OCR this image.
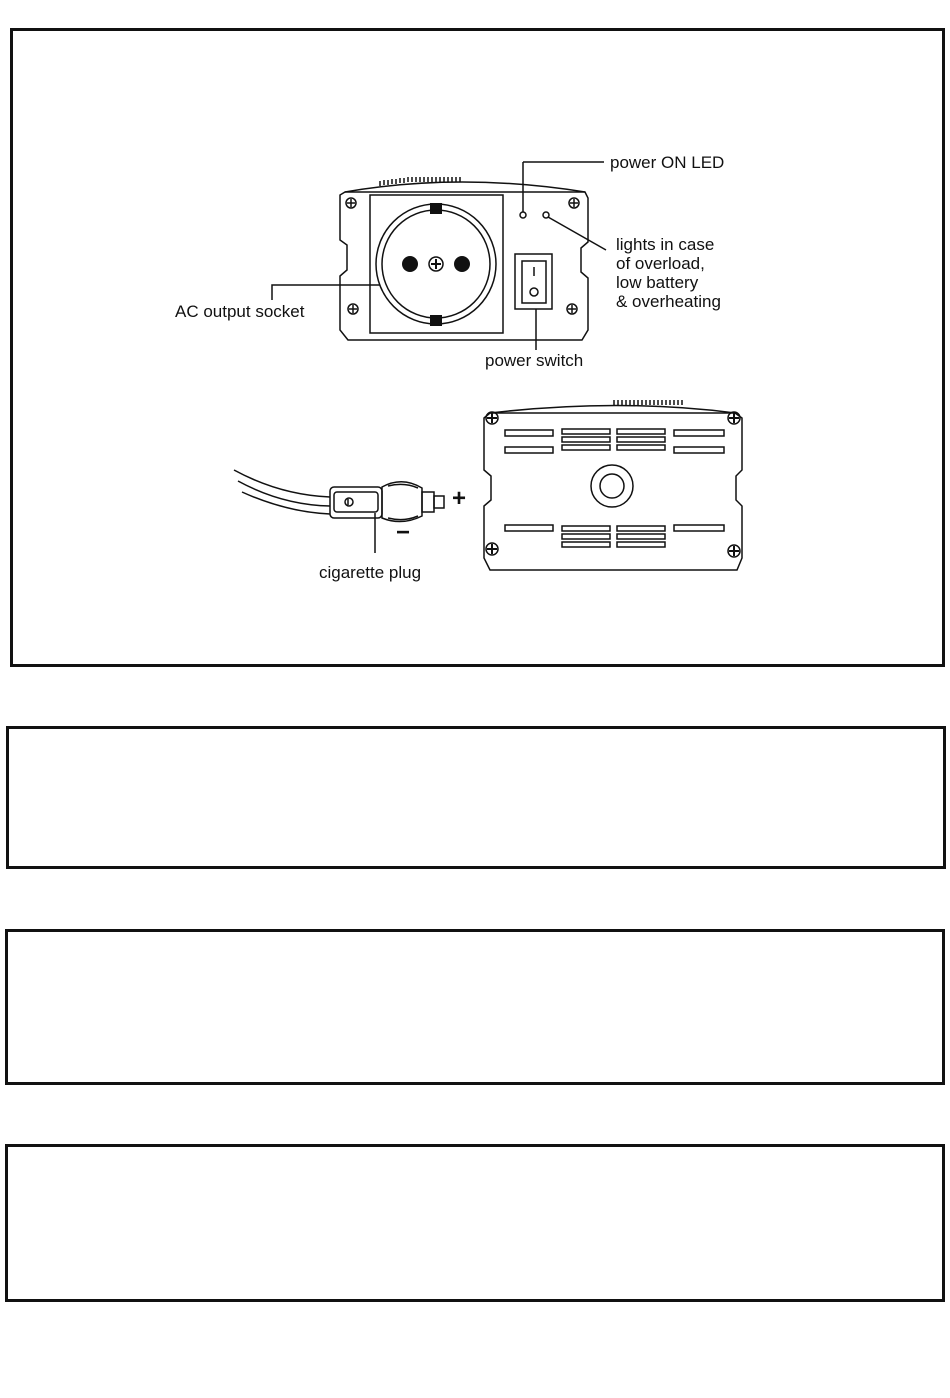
power ON LED
lights in case
of overload,
low battery
& overheating
AC output socket
power switch
cigarette plug
+
−
